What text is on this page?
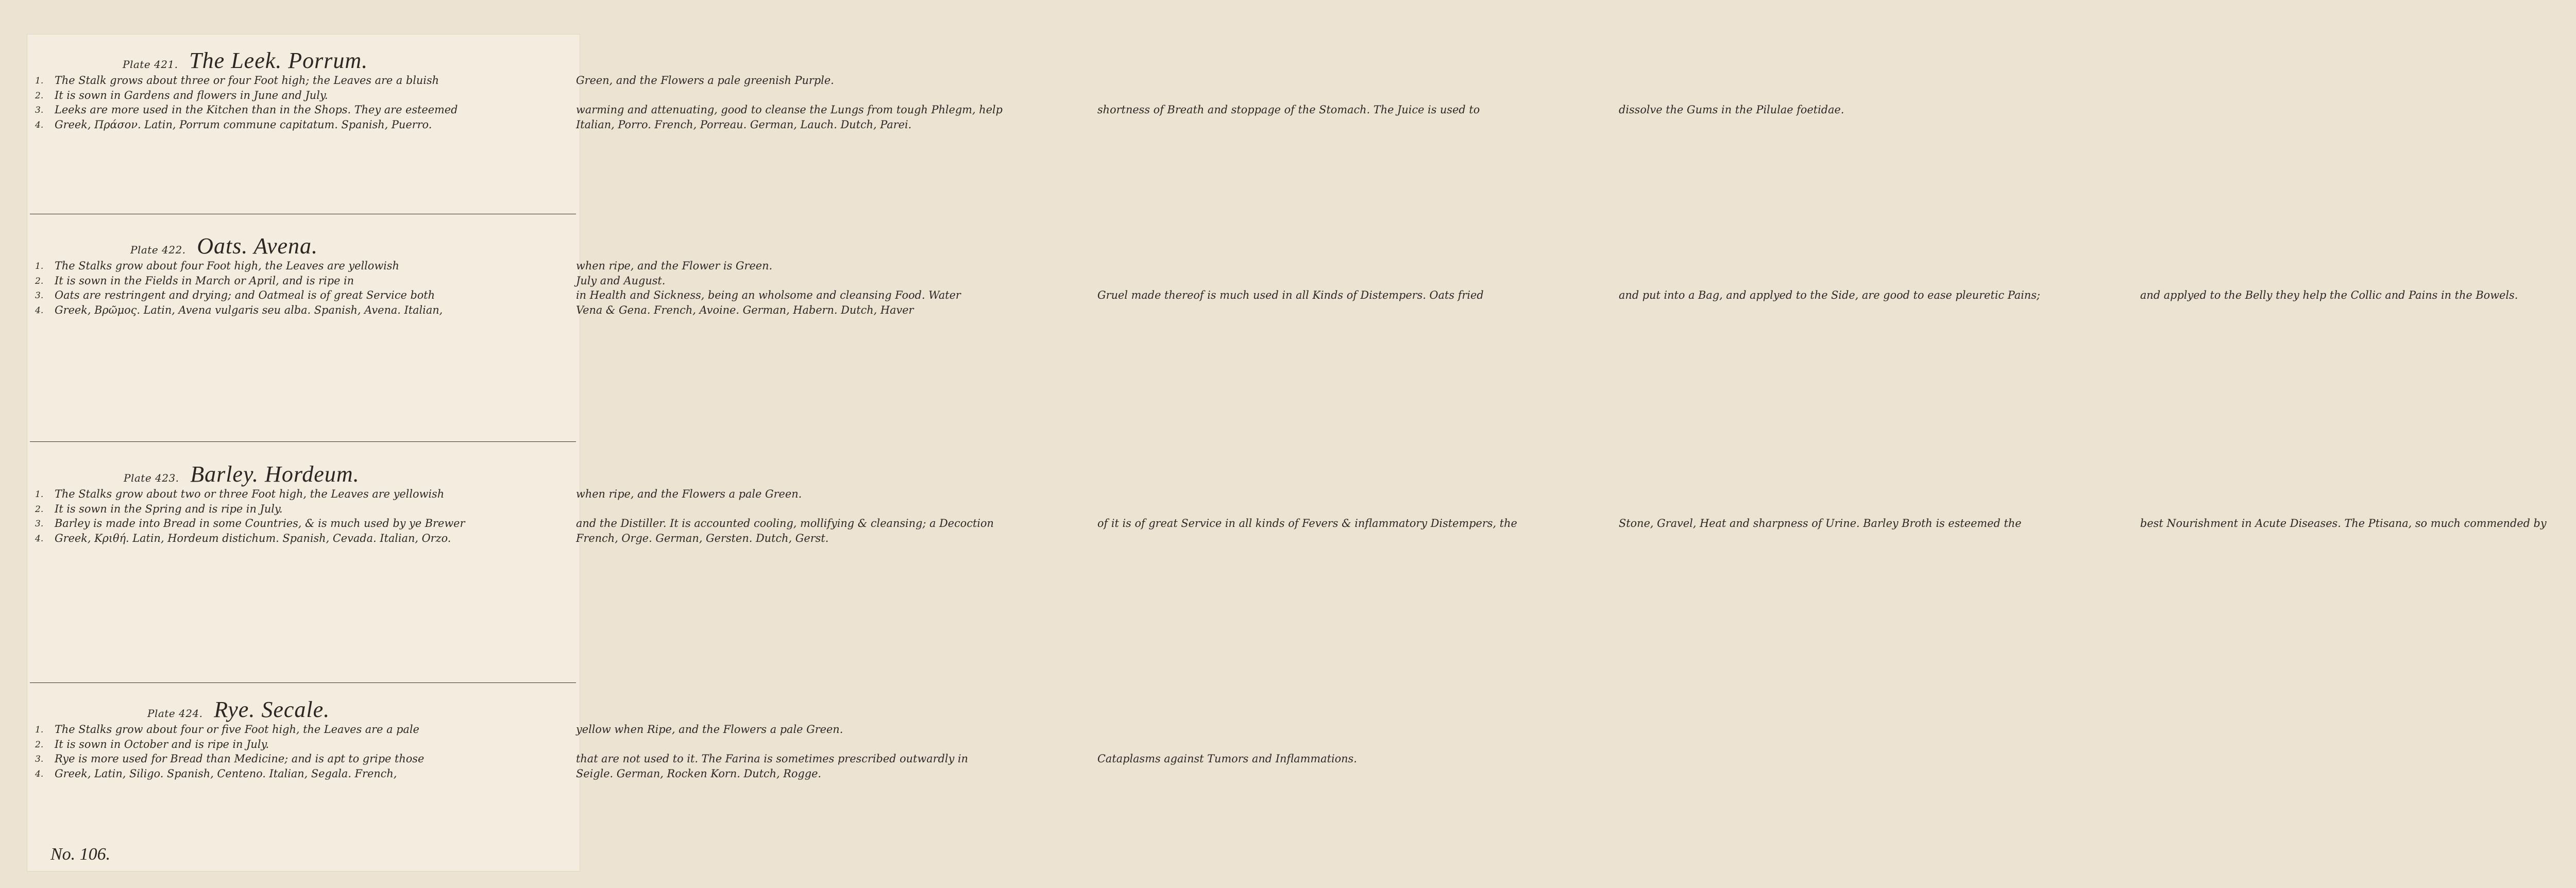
Plate 421. The Leek. Porrum.
1.	The Stalk grows about three or four Foot high; the Leaves are a bluish	Green, and the Flowers a pale greenish Purple.
2.	It is sown in Gardens and flowers in June and July.
3.	Leeks are more used in the Kitchen than in the Shops. They are esteemed	warming and attenuating, good to cleanse the Lungs from tough Phlegm, help	shortness of Breath and stoppage of the Stomach. The Juice is used to	dissolve the Gums in the Pilulae foetidae.
4.	Greek, Πράσον. Latin, Porrum commune capitatum. Spanish, Puerro.	Italian, Porro. French, Porreau. German, Lauch. Dutch, Parei.
Plate 422. Oats. Avena.
1.	The Stalks grow about four Foot high, the Leaves are yellowish	when ripe, and the Flower is Green.
2.	It is sown in the Fields in March or April, and is ripe in	July and August.
3.	Oats are restringent and drying; and Oatmeal is of great Service both	in Health and Sickness, being an wholsome and cleansing Food. Water	Gruel made thereof is much used in all Kinds of Distempers. Oats fried	and put into a Bag, and applyed to the Side, are good to ease pleuretic Pains;	and applyed to the Belly they help the Collic and Pains in the Bowels.
4.	Greek, Βρῶμος. Latin, Avena vulgaris seu alba. Spanish, Avena. Italian,	Vena & Gena. French, Avoine. German, Habern. Dutch, Haver
Plate 423. Barley. Hordeum.
1.	The Stalks grow about two or three Foot high, the Leaves are yellowish	when ripe, and the Flowers a pale Green.
2.	It is sown in the Spring and is ripe in July.
3.	Barley is made into Bread in some Countries, & is much used by ye Brewer	and the Distiller. It is accounted cooling, mollifying & cleansing; a Decoction	of it is of great Service in all kinds of Fevers & inflammatory Distempers, the	Stone, Gravel, Heat and sharpness of Urine. Barley Broth is esteemed the	best Nourishment in Acute Diseases. The Ptisana, so much commended by
4.	Greek, Κριθή. Latin, Hordeum distichum. Spanish, Cevada. Italian, Orzo.	French, Orge. German, Gersten. Dutch, Gerst.
Plate 424. Rye. Secale.
1.	The Stalks grow about four or five Foot high, the Leaves are a pale	yellow when Ripe, and the Flowers a pale Green.
2.	It is sown in October and is ripe in July.
3.	Rye is more used for Bread than Medicine; and is apt to gripe those	that are not used to it. The Farina is sometimes prescribed outwardly in	Cataplasms against Tumors and Inflammations.
4.	Greek, Latin, Siligo. Spanish, Centeno. Italian, Segala. French,	Seigle. German, Rocken Korn. Dutch, Rogge.
No. 106.
